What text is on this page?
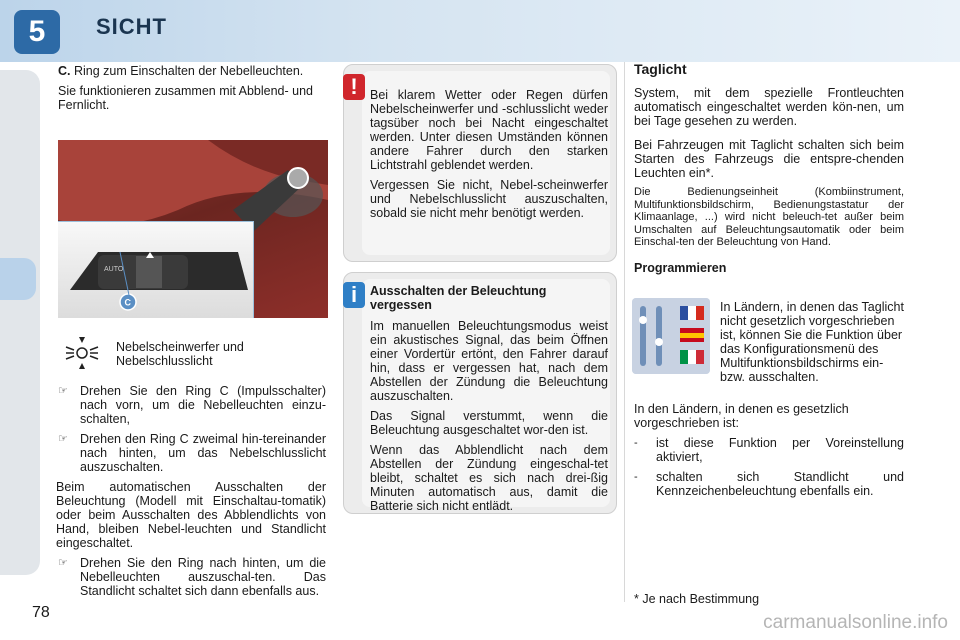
5	SICHT

C. Ring zum Einschalten der Nebelleuchten.

Sie funktionieren zusammen mit Abblend- und Fernlicht.

AUTO
C
Nebelscheinwerfer und Nebelschlusslicht
☞ Drehen Sie den Ring C (Impulsschalter) nach vorn, um die Nebelleuchten einzu-schalten,
☞ Drehen den Ring C zweimal hin-tereinander nach hinten, um das Nebelschlusslicht auszuschalten.

Beim automatischen Ausschalten der Beleuchtung (Modell mit Einschaltau-tomatik) oder beim Ausschalten des Abblendlichts von Hand, bleiben Nebel-leuchten und Standlicht eingeschaltet.

☞ Drehen Sie den Ring nach hinten, um die Nebelleuchten auszuschal-ten. Das Standlicht schaltet sich dann ebenfalls aus.
! Bei klarem Wetter oder Regen dürfen Nebelscheinwerfer und -schlusslicht weder tagsüber noch bei Nacht eingeschaltet werden. Unter diesen Umständen können andere Fahrer durch den starken Lichtstrahl geblendet werden.

Vergessen Sie nicht, Nebel-scheinwerfer und Nebelschlusslicht auszuschalten, sobald sie nicht mehr benötigt werden.

i	Ausschalten der Beleuchtung vergessen

Im manuellen Beleuchtungsmodus weist ein akustisches Signal, das beim Öffnen einer Vordertür ertönt, den Fahrer darauf hin, dass er vergessen hat, nach dem Abstellen der Zündung die Beleuchtung auszuschalten.

Das Signal verstummt, wenn die Beleuchtung ausgeschaltet wor-den ist.

Wenn das Abblendlicht nach dem Abstellen der Zündung eingeschal-tet bleibt, schaltet es sich nach drei-ßig Minuten automatisch aus, damit die Batterie sich nicht entlädt.

Taglicht

System, mit dem spezielle Frontleuchten automatisch eingeschaltet werden kön-nen, um bei Tage gesehen zu werden.

Bei Fahrzeugen mit Taglicht schalten sich beim Starten des Fahrzeugs die entspre-chenden Leuchten ein*.

Die Bedienungseinheit (Kombiinstrument, Multifunktionsbildschirm, Bedienungstastatur der Klimaanlage, ...) wird nicht beleuch-tet außer beim Umschalten auf Beleuchtungsautomatik oder beim Einschal-ten der Beleuchtung von Hand.

Programmieren

In Ländern, in denen das Taglicht nicht gesetzlich vorgeschrieben ist, können Sie die Funktion über das Konfigurationsmenü des Multifunktionsbildschirms ein- bzw. ausschalten.

In den Ländern, in denen es gesetzlich vorgeschrieben ist:

-	ist diese Funktion per Voreinstellung aktiviert,
-	schalten sich Standlicht und Kennzeichenbeleuchtung ebenfalls ein.
* Je nach Bestimmung
78	carmanualsonline.info
